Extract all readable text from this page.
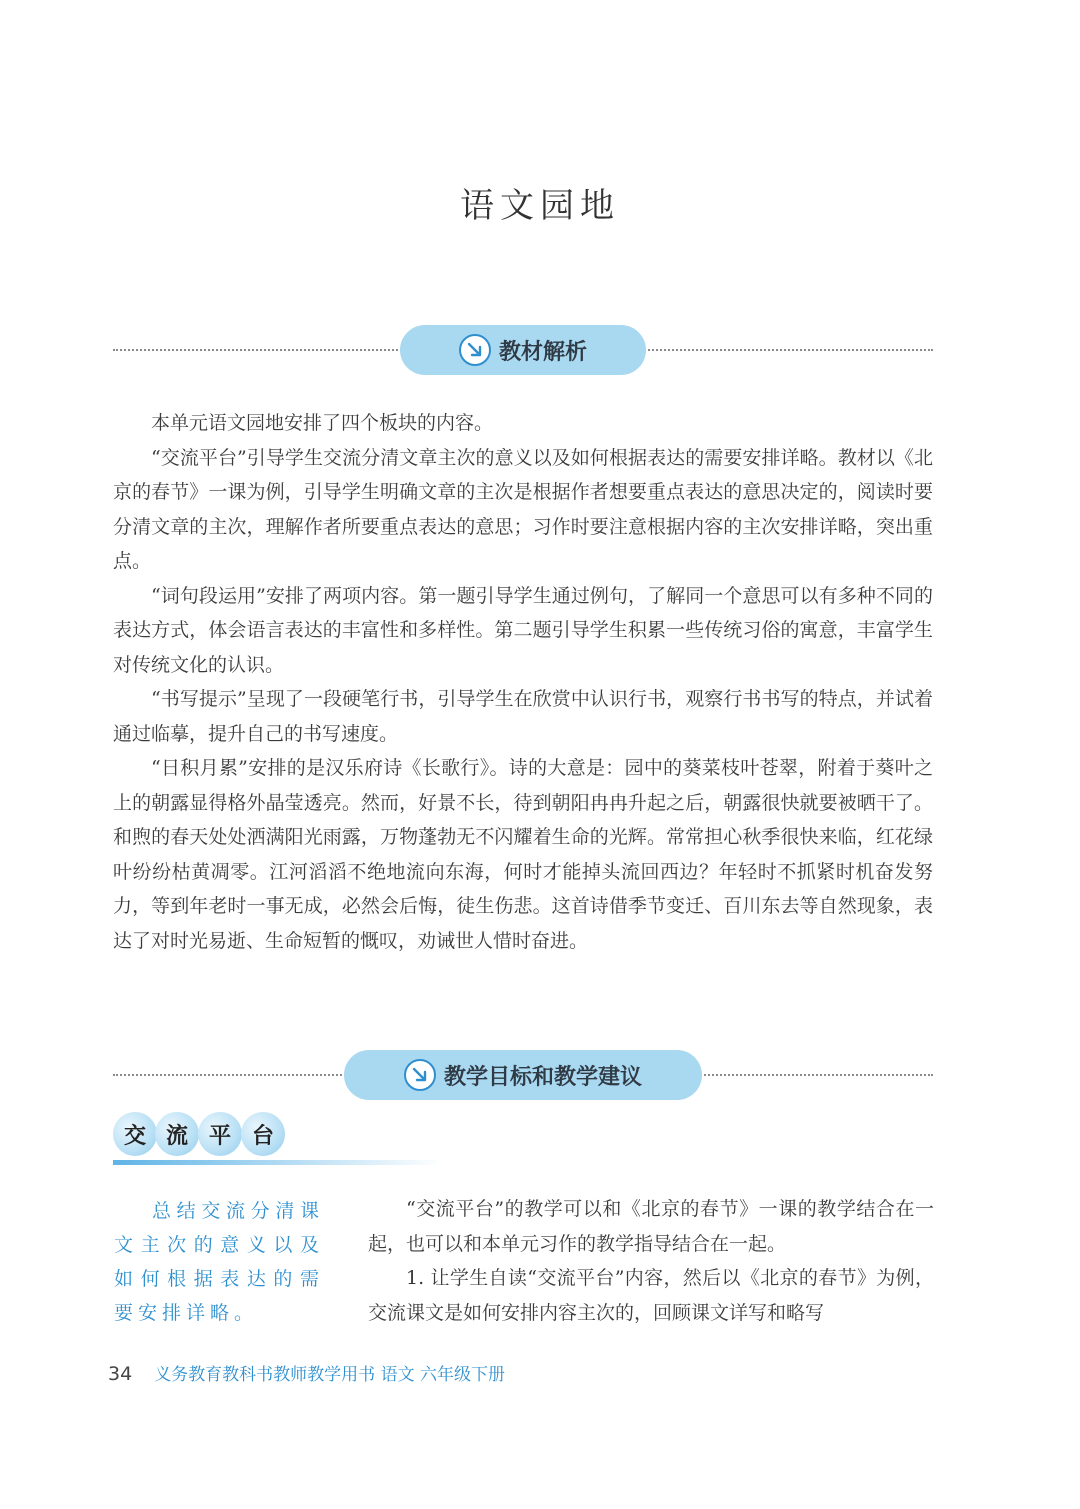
语文园地
教材解析

本单元语文园地安排了四个板块的内容。

“交流平台”引导学生交流分清文章主次的意义以及如何根据表达的需要安排详略。教材以《北京的春节》一课为例，引导学生明确文章的主次是根据作者想要重点表达的意思决定的，阅读时要分清文章的主次，理解作者所要重点表达的意思；习作时要注意根据内容的主次安排详略，突出重点。

“词句段运用”安排了两项内容。第一题引导学生通过例句，了解同一个意思可以有多种不同的表达方式，体会语言表达的丰富性和多样性。第二题引导学生积累一些传统习俗的寓意，丰富学生对传统文化的认识。

“书写提示”呈现了一段硬笔行书，引导学生在欣赏中认识行书，观察行书书写的特点，并试着通过临摹，提升自己的书写速度。

“日积月累”安排的是汉乐府诗《长歌行》。诗的大意是：园中的葵菜枝叶苍翠，附着于葵叶之上的朝露显得格外晶莹透亮。然而，好景不长，待到朝阳冉冉升起之后，朝露很快就要被晒干了。和煦的春天处处洒满阳光雨露，万物蓬勃无不闪耀着生命的光辉。常常担心秋季很快来临，红花绿叶纷纷枯黄凋零。江河滔滔不绝地流向东海，何时才能掉头流回西边？年轻时不抓紧时机奋发努力，等到年老时一事无成，必然会后悔，徒生伤悲。这首诗借季节变迁、百川东去等自然现象，表达了对时光易逝、生命短暂的慨叹，劝诫世人惜时奋进。

教学目标和教学建议
交 流 平 台

总结交流分清课文主次的意义以及如何根据表达的需要安排详略。

“交流平台”的教学可以和《北京的春节》一课的教学结合在一起，也可以和本单元习作的教学指导结合在一起。

1. 让学生自读“交流平台”内容，然后以《北京的春节》为例，交流课文是如何安排内容主次的，回顾课文详写和略写

34 义务教育教科书教师教学用书 语文 六年级下册
